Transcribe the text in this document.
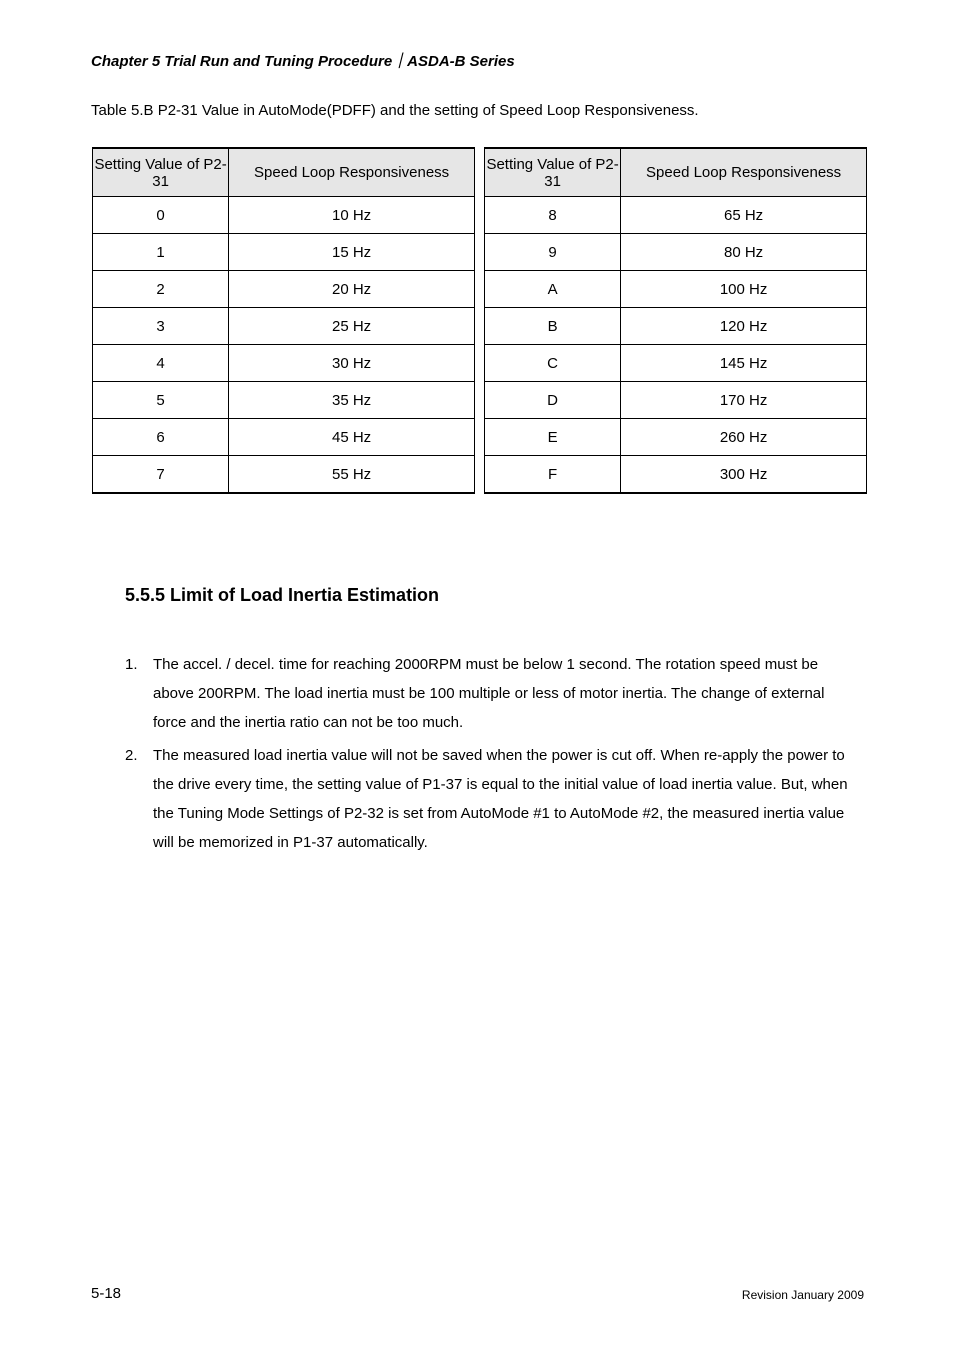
Chapter 5 Trial Run and Tuning Procedure｜ASDA-B Series
Table 5.B P2-31 Value in AutoMode(PDFF) and the setting of Speed Loop Responsiveness.
Setting Value of P2-31	Speed Loop Responsiveness
0	10 Hz
1	15 Hz
2	20 Hz
3	25 Hz
4	30 Hz
5	35 Hz
6	45 Hz
7	55 Hz
Setting Value of P2-31	Speed Loop Responsiveness
8	65 Hz
9	80 Hz
A	100 Hz
B	120 Hz
C	145 Hz
D	170 Hz
E	260 Hz
F	300 Hz
5.5.5 Limit of Load Inertia Estimation
1. The accel. / decel. time for reaching 2000RPM must be below 1 second. The rotation speed must be above 200RPM. The load inertia must be 100 multiple or less of motor inertia. The change of external force and the inertia ratio can not be too much.
2. The measured load inertia value will not be saved when the power is cut off. When re-apply the power to the drive every time, the setting value of P1-37 is equal to the initial value of load inertia value. But, when the Tuning Mode Settings of P2-32 is set from AutoMode #1 to AutoMode #2, the measured inertia value will be memorized in P1-37 automatically.
5-18	Revision January 2009
